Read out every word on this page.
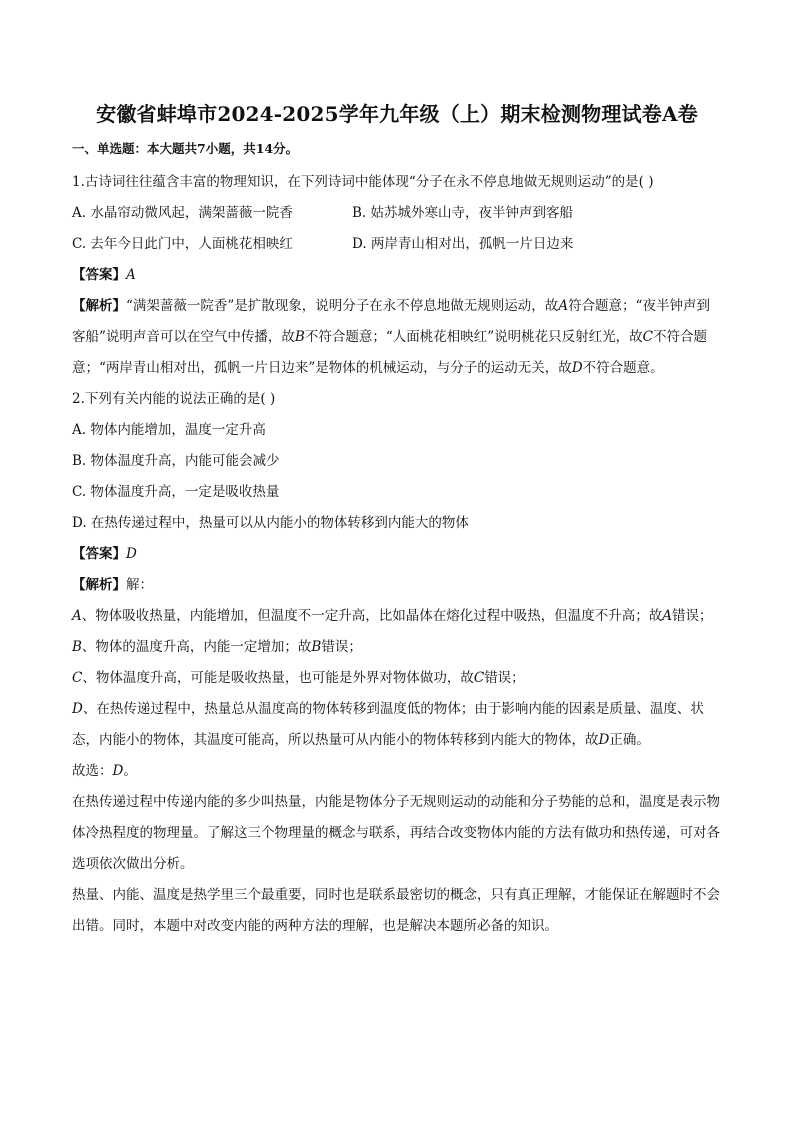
安徽省蚌埠市2024-2025学年九年级（上）期末检测物理试卷A卷
一、单选题：本大题共7小题，共14分。

1.古诗词往往蕴含丰富的物理知识，在下列诗词中能体现“分子在永不停息地做无规则运动”的是( )

A. 水晶帘动微风起，满架蔷薇一院香	B. 姑苏城外寒山寺，夜半钟声到客船

C. 去年今日此门中，人面桃花相映红	D. 两岸青山相对出，孤帆一片日边来

【答案】A

【解析】“满架蔷薇一院香”是扩散现象，说明分子在永不停息地做无规则运动，故A符合题意；“夜半钟声到客船”说明声音可以在空气中传播，故B不符合题意；“人面桃花相映红”说明桃花只反射红光，故C不符合题意；“两岸青山相对出，孤帆一片日边来”是物体的机械运动，与分子的运动无关，故D不符合题意。

2.下列有关内能的说法正确的是( )

A. 物体内能增加，温度一定升高

B. 物体温度升高，内能可能会减少

C. 物体温度升高，一定是吸收热量

D. 在热传递过程中，热量可以从内能小的物体转移到内能大的物体

【答案】D

【解析】解：

A、物体吸收热量，内能增加，但温度不一定升高，比如晶体在熔化过程中吸热，但温度不升高；故A错误；

B、物体的温度升高，内能一定增加；故B错误；

C、物体温度升高，可能是吸收热量，也可能是外界对物体做功，故C错误；

D、在热传递过程中，热量总从温度高的物体转移到温度低的物体；由于影响内能的因素是质量、温度、状态，内能小的物体，其温度可能高，所以热量可从内能小的物体转移到内能大的物体，故D正确。

故选：D。

在热传递过程中传递内能的多少叫热量，内能是物体分子无规则运动的动能和分子势能的总和，温度是表示物体冷热程度的物理量。了解这三个物理量的概念与联系，再结合改变物体内能的方法有做功和热传递，可对各选项依次做出分析。

热量、内能、温度是热学里三个最重要，同时也是联系最密切的概念，只有真正理解，才能保证在解题时不会出错。同时，本题中对改变内能的两种方法的理解，也是解决本题所必备的知识。
